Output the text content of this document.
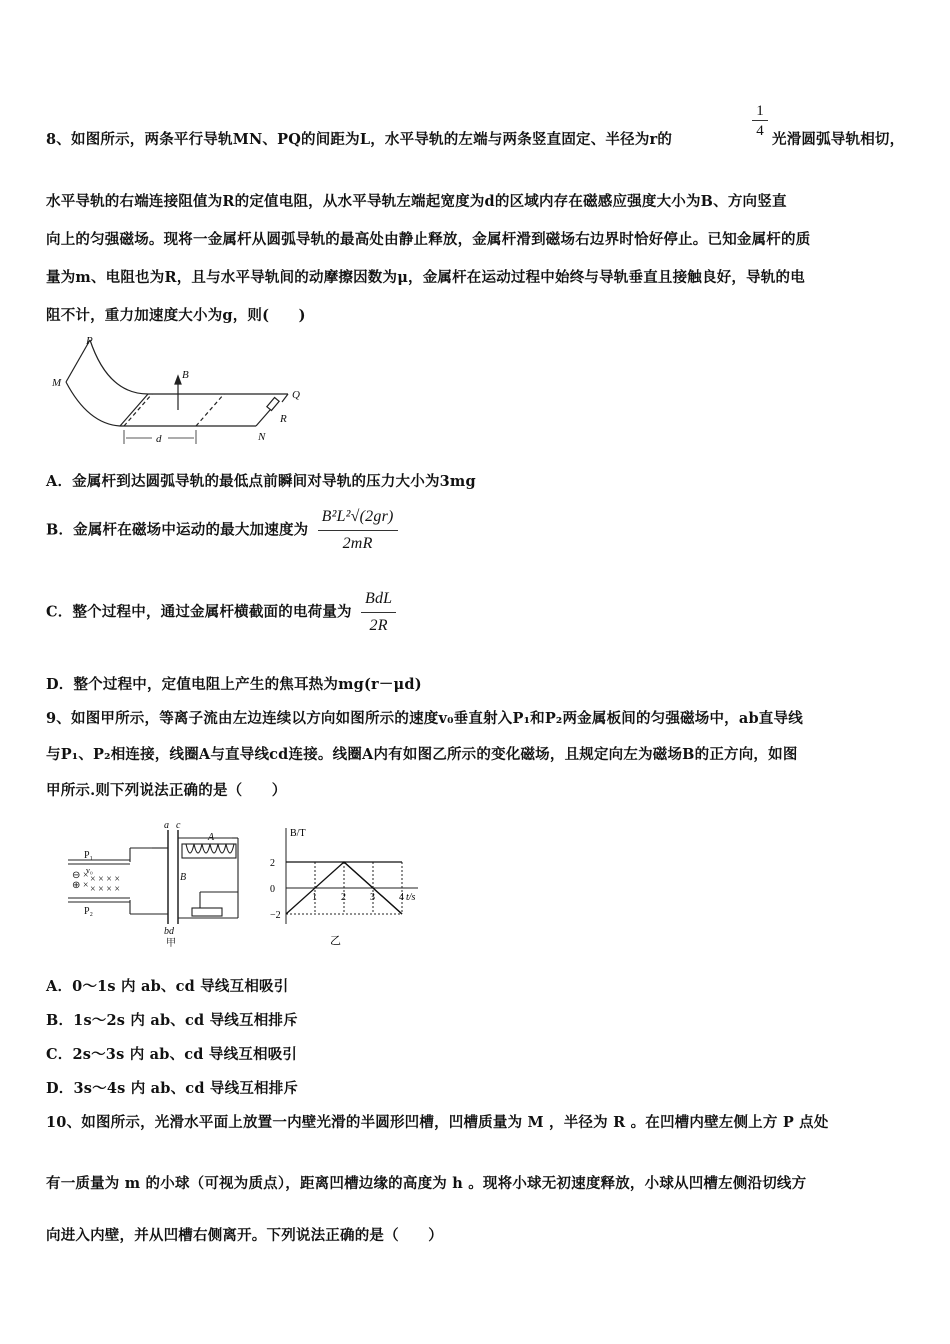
8、如图所示，两条平行导轨MN、PQ的间距为L，水平导轨的左端与两条竖直固定、半径为r的	$\frac{1}{4}$ 光滑圆弧导轨相切，
水平导轨的右端连接阻值为R的定值电阻，从水平导轨左端起宽度为d的区域内存在磁感应强度大小为B、方向竖直
向上的匀强磁场。现将一金属杆从圆弧导轨的最高处由静止释放，金属杆滑到磁场右边界时恰好停止。已知金属杆的质
量为m、电阻也为R，且与水平导轨间的动摩擦因数为μ，金属杆在运动过程中始终与导轨垂直且接触良好，导轨的电
阻不计，重力加速度大小为g，则(　　)
P
M
B
Q
R
N
d
A．金属杆到达圆弧导轨的最低点前瞬间对导轨的压力大小为3mg
B．金属杆在磁场中运动的最大加速度为 $\frac{\text{B²L²√(2gr)}}{2mR}$
C．整个过程中，通过金属杆横截面的电荷量为 $\frac{\text{BdL}}{2R}$
D．整个过程中，定值电阻上产生的焦耳热为mg(r－μd)
9、如图甲所示，等离子流由左边连续以方向如图所示的速度v₀垂直射入P₁和P₂两金属板间的匀强磁场中，ab直导线
与P₁、P₂相连接，线圈A与直导线cd连接。线圈A内有如图乙所示的变化磁场，且规定向左为磁场B的正方向，如图
甲所示.则下列说法正确的是（　　）
⊕ ×
⊖ × × × × ×
× × × ×
P₁
P₂
v₀
a c
A
B
bd
甲
B/T
t/s
乙
2
0
−2
1 2 3 4
A．0～1s 内 ab、cd 导线互相吸引
B．1s～2s 内 ab、cd 导线互相排斥
C．2s～3s 内 ab、cd 导线互相吸引
D．3s～4s 内 ab、cd 导线互相排斥
10、如图所示，光滑水平面上放置一内壁光滑的半圆形凹槽，凹槽质量为 M ，半径为 R 。在凹槽内壁左侧上方 P 点处
有一质量为 m 的小球（可视为质点），距离凹槽边缘的高度为 h 。现将小球无初速度释放，小球从凹槽左侧沿切线方
向进入内壁，并从凹槽右侧离开。下列说法正确的是（　　）
